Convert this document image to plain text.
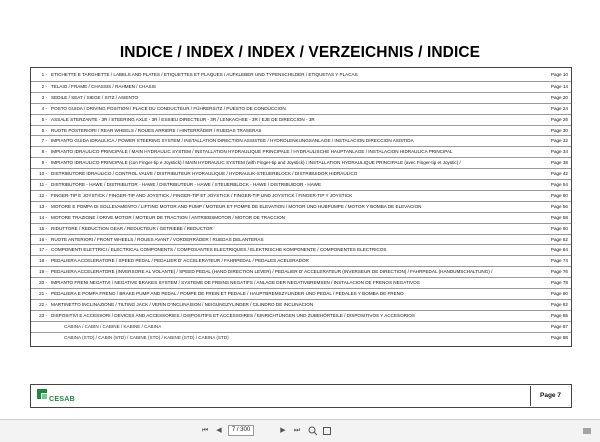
INDICE / INDEX / INDEX / VERZEICHNIS / INDICE
1 - ETICHETTE E TARGHETTE / LABELS AND PLATES / ETIQUETTES ET PLAQUES / AUFKLEBER UND TYPENSCHILDER / ETIQUETAS Y PLACAS	Page 10
2 - TELAIO / FRAME / CHASSIS / RAHMEN / CHASIS	Page 14
3 - SEDILE / SEAT / SIEGE / SITZ / ASIENTO	Page 20
4 - POSTO GUIDA / DRIVING POSITION / PLACE DU CONDUCTEUR / FÜHRERSITZ / PUESTO DE CONDUCCION	Page 24
5 - ASSALE STERZANTE - 3R / STEERING AXLE - 3R / ESSIEU DIRECTEUR - 3R / LENKACHSE - 3R / EJE DE DIRECCION - 3R	Page 26
6 - RUOTE POSTERIORI / REAR WHEELS / ROUES ARRIERE / HINTERRÄDER / RUEDAS TRASERAS	Page 30
7 - IMPIANTO GUIDA IDRAULICA / POWER STEERING SYSTEM / INSTALLATION DIRECTION ASSISTEE / HYDROLENKUNGSANLAGE / INSTALACION DIRECCION ASISTIDA	Page 32
8 - IMPIANTO IDRAULICO PRINCIPALE / MAIN HYDRAULIC SYSTEM / INSTALLATION HYDRAULIQUE PRINCIPALE / HYDRAULISCHE HAUPTANLAGE / INSTALACION HIDRAULICA PRINCIPAL	Page 34
9 - IMPIANTO IDRAULICO PRINCIPALE (con Finger-tip e Joystick) / MAIN HYDRAULIC SYSTEM (with Finger-tip and Joystick) / INSTALLATION HYDRAULIQUE PRINCIPALE (avec Finger-tip et Joystic) /	Page 38
10 - DISTRIBUTORE IDRAULICO / CONTROL VALVE / DISTRIBUTEUR HYDRAULIQUE / HYDRAULIK-STEUERBLOCK / DISTRIBUIDOR HIDRAULICO	Page 42
11 - DISTRIBUTORE - HAWE / DISTRIBUTOR - HAWE / DISTRIBUTEUR - HAWE / STEUERBLOCK - HAWE / DISTRIBUIDOR - HAWE	Page 54
12 - FINGER-TIP E JOYSTICK / FINGER-TIP AND JOYSTICK / FINGER-TIP ET JOYSTICK / FINGER-TIP UND JOYSTICK / FINGER-TIP Y JOYSTICK	Page 60
13 - MOTORE E POMPA DI SOLLEVAMENTO / LIFTING MOTOR AND PUMP / MOTEUR ET POMPE DE ELEVATION / MOTOR UND HUBPUMPE / MOTOR Y BOMBA DE ELEVACION	Page 56
14 - MOTORE TRAZIONE / DRIVE MOTOR / MOTEUR DE TRACTION / ANTRIEBSMOTOR / MOTOR DE TRACCION	Page 58
15 - RIDUTTORE / REDUCTION GEAR / REDUCTEUR / GETRIEBE / REDUCTOR	Page 60
16 - RUOTE ANTERIORI / FRONT WHEELS / ROUES AVANT / VORDERRÄDER / RUEDAS DELANTERAS	Page 62
17 - COMPONENTI ELETTRICI / ELECTRICAL COMPONENTS / COMPOSANTES ELECTRIQUES / ELEKTRISCHE KOMPONENTE / COMPONENTES ELECTRICOS	Page 64
18 - PEDALIERA ACCELERATORE / SPEED PEDAL / PEDALIER D' ACCELERATEUR / FAHRPEDAL / PEDALES ACELERADOR	Page 74
19 - PEDALIERA ACCELERATORE (INVERSORE AL VOLANTE) / SPEED PEDAL (HAND DIRECTION LEVER) / PEDALIER D' ACCELERATEUR (INVERSEUR DE DIRECTION) / FAHRPEDAL (HANDUMSCHALTUNG) /	Page 76
20 - IMPIANTO FRENI NEGATIVI / NEGATIVE BRAKES SYSTEM / SYSTEME DE FREINS NEGATIFS / ANLAGE DER NEGATIVBREMSEN / INSTALACION DE FRENOS NEGATIVOS	Page 78
21 - PEDALIERA E POMPA FRENO / BRAKE PUMP AND PEDAL / POMPE DE FREIN ET PEDALE / HAUPTBREMSZYLINDER UND PEDAL / PEDALES Y BOMBA DE FRENO	Page 80
22 - MARTINETTO INCLINAZIONE / TILTING JACK / VERIN D'INCLINAISON / NEIGUNGZYLINDER / CILINDRO DE INCLINACION	Page 82
23 - DISPOSITIVI E ACCESSORI / DEVICES AND ACCESSORIES / DISPOSITIFS ET ACCESSOIRES / EINRICHTUNGEN UND ZUBEHÖRTEILE / DISPOSITIVOS Y ACCESORIOS	Page 85
CABINA / CABIN / CABINE / KABINE / CABINA	Page 87
CABINA (STD) / CABIN (STD) / CABINE (STD) / KABINE (STD) / CABINA (STD)	Page 88
CESAB
Page 7
⏮	◀	7 / 300	▶	⏭
